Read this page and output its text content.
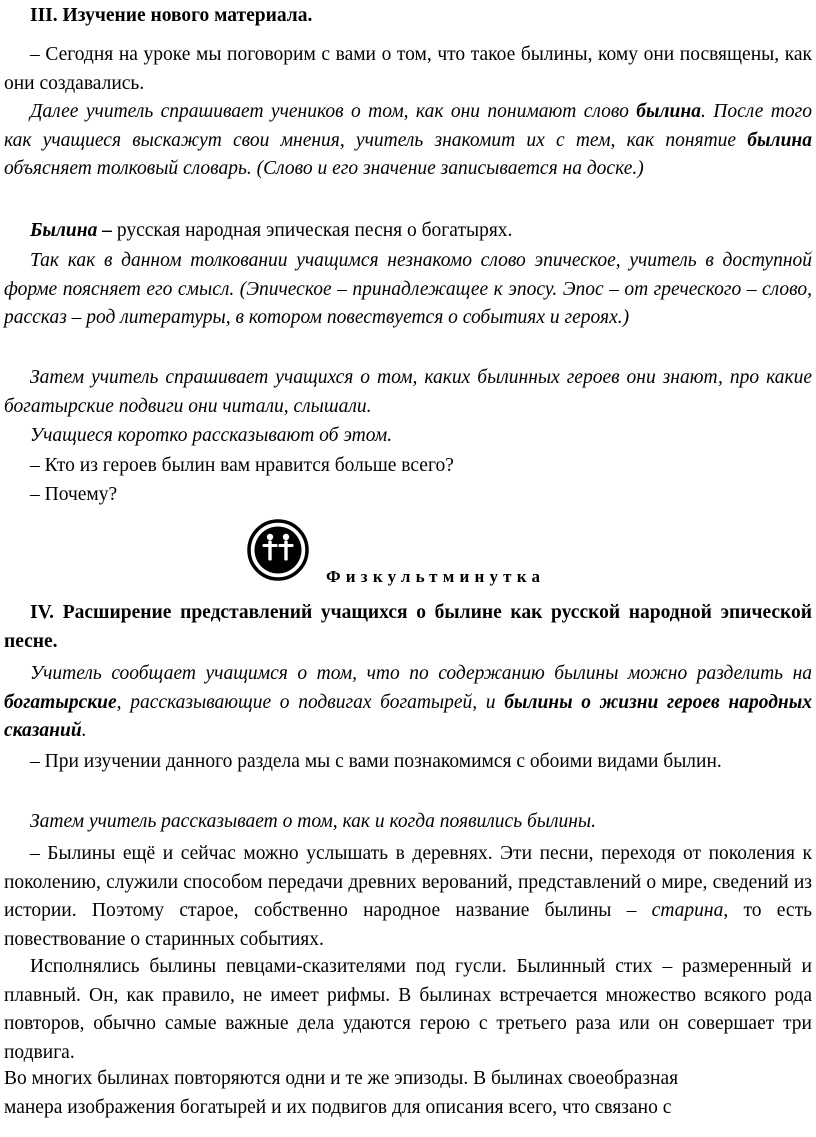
III. Изучение нового материала.

– Сегодня на уроке мы поговорим с вами о том, что такое былины, кому они посвящены, как они создавались.

Далее учитель спрашивает учеников о том, как они понимают слово былина. После того как учащиеся выскажут свои мнения, учитель знакомит их с тем, как понятие былина объясняет толковый словарь. (Слово и его значение записывается на доске.)

Былина – русская народная эпическая песня о богатырях.

Так как в данном толковании учащимся незнакомо слово эпическое, учитель в доступной форме поясняет его смысл. (Эпическое – принадлежащее к эпосу. Эпос – от греческого – слово, рассказ – род литературы, в котором повествуется о событиях и героях.)

Затем учитель спрашивает учащихся о том, каких былинных героев они знают, про какие богатырские подвиги они читали, слышали.

Учащиеся коротко рассказывают об этом.

– Кто из героев былин вам нравится больше всего?

– Почему?

Физкультминутка

IV. Расширение представлений учащихся о былине как русской народной эпической песне.

Учитель сообщает учащимся о том, что по содержанию былины можно разделить на богатырские, рассказывающие о подвигах богатырей, и былины о жизни героев народных сказаний.

– При изучении данного раздела мы с вами познакомимся с обоими видами былин.

Затем учитель рассказывает о том, как и когда появились былины.

– Былины ещё и сейчас можно услышать в деревнях. Эти песни, переходя от поколения к поколению, служили способом передачи древних верований, представлений о мире, сведений из истории. Поэтому старое, собственно народное название былины – старина, то есть повествование о старинных событиях.

Исполнялись былины певцами-сказителями под гусли. Былинный стих – размеренный и плавный. Он, как правило, не имеет рифмы. В былинах встречается множество всякого рода повторов, обычно самые важные дела удаются герою с третьего раза или он совершает три подвига.

Во многих былинах повторяются одни и те же эпизоды. В былинах своеобразная

манера изображения богатырей и их подвигов для описания всего, что связано с
